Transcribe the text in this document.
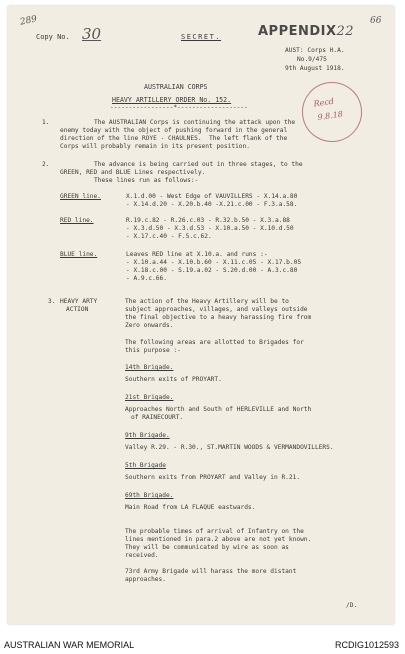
289	66
Copy No. 30	SECRET.	APPENDIX22
AUST: Corps H.A.
No.9/475
9th August 1918.
Recd
9.8.18
AUSTRALIAN CORPS
HEAVY ARTILLERY ORDER No. 152.
-----------------*-------------------
1.	The AUSTRALIAN Corps is continuing the attack upon the
enemy today with the object of pushing forward in the general
direction of the line ROYE - CHAULNES.  The left flank of the
Corps will probably remain in its present position.
2.	The advance is being carried out in three stages, to the
GREEN, RED and BLUE Lines respectively.
These lines run as follows:-
GREEN line.	X.1.d.00 - West Edge of VAUVILLERS - X.14.a.80
- X.14.d.20 - X.20.b.40 -X.21.c.00 - F.3.a.58.
RED line.	R.19.c.82 - R.26.c.03 - R.32.b.50 - X.3.a.88
- X.3.d.50 - X.3.d.53 - X.10.a.50 - X.10.d.50
- X.17.c.40 - F.5.c.62.
BLUE line.	Leaves RED line at X.10.a. and runs :-
- X.10.a.44 - X.10.b.60 - X.11.c.05 - X.17.b.05
- X.18.c.00 - S.19.a.02 - S.20.d.00 - A.3.c.80
- A.9.c.66.
3. HEAVY ARTY
ACTION
The action of the Heavy Artillery will be to
subject approaches, villages, and valleys outside
the final objective to a heavy harassing fire from
Zero onwards.
The following areas are allotted to Brigades for
this purpose :-
14th Brigade.
Southern exits of PROYART.
21st Brigade.
Approaches North and South of HERLEVILLE and North
of RAINECOURT.
9th Brigade.
Valley R.29. - R.30., ST.MARTIN WOODS & VERMANDOVILLERS.
5th Brigade
Southern exits from PROYART and Valley in R.21.
69th Brigade.
Main Road from LA FLAQUE eastwards.
The probable times of arrival of Infantry on the
lines mentioned in para.2 above are not yet known.
They will be communicated by wire as soon as
received.
73rd Army Brigade will harass the more distant
approaches.
/D.
AUSTRALIAN WAR MEMORIAL	RCDIG1012593
